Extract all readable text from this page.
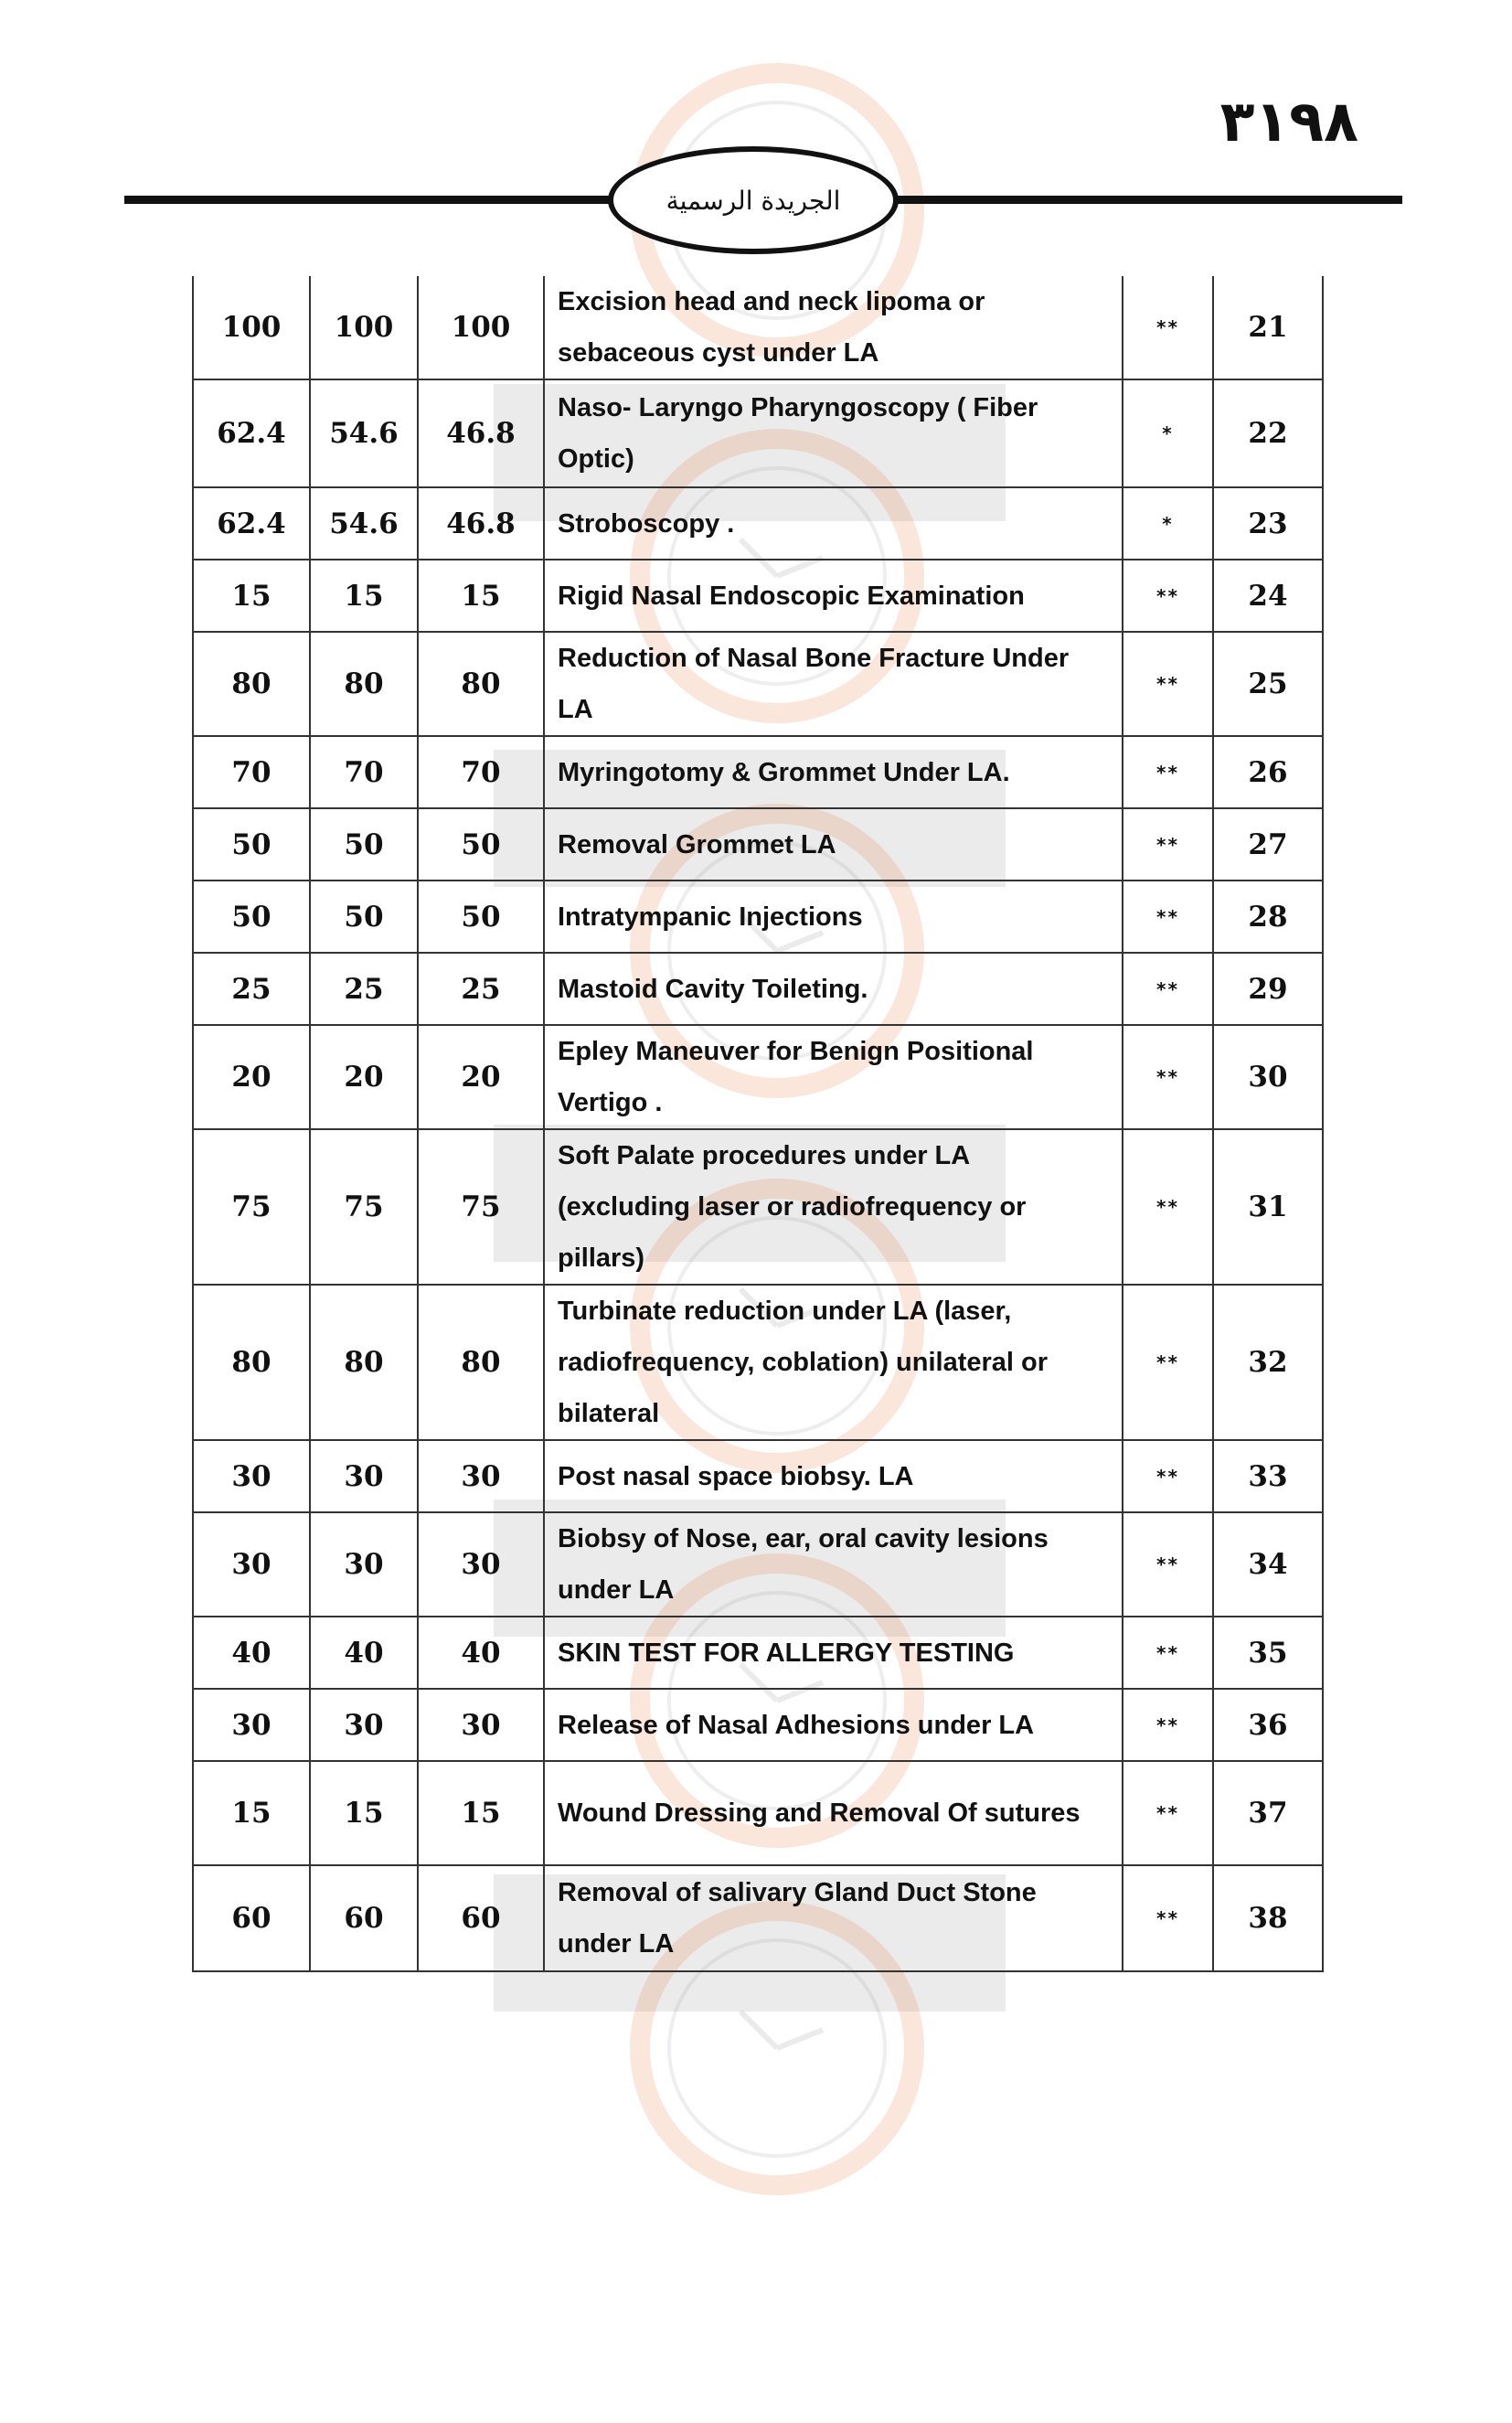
٣١٩٨
الجريدة الرسمية
100	100	100	Excision head and neck lipoma or sebaceous cyst under LA	**	21
62.4	54.6	46.8	Naso- Laryngo Pharyngoscopy ( Fiber Optic)	*	22
62.4	54.6	46.8	Stroboscopy .	*	23
15	15	15	Rigid Nasal Endoscopic Examination	**	24
80	80	80	Reduction of Nasal Bone Fracture Under LA	**	25
70	70	70	Myringotomy & Grommet Under LA.	**	26
50	50	50	Removal Grommet LA	**	27
50	50	50	Intratympanic Injections	**	28
25	25	25	Mastoid Cavity Toileting.	**	29
20	20	20	Epley Maneuver for Benign Positional Vertigo .	**	30
75	75	75	Soft Palate procedures under LA (excluding laser or radiofrequency or pillars)	**	31
80	80	80	Turbinate reduction under LA (laser, radiofrequency, coblation) unilateral or bilateral	**	32
30	30	30	Post nasal space biobsy. LA	**	33
30	30	30	Biobsy of Nose, ear, oral cavity lesions under LA	**	34
40	40	40	SKIN TEST FOR ALLERGY TESTING	**	35
30	30	30	Release of Nasal Adhesions under LA	**	36
15	15	15	Wound Dressing and Removal Of sutures	**	37
60	60	60	Removal of salivary Gland Duct Stone under LA	**	38
